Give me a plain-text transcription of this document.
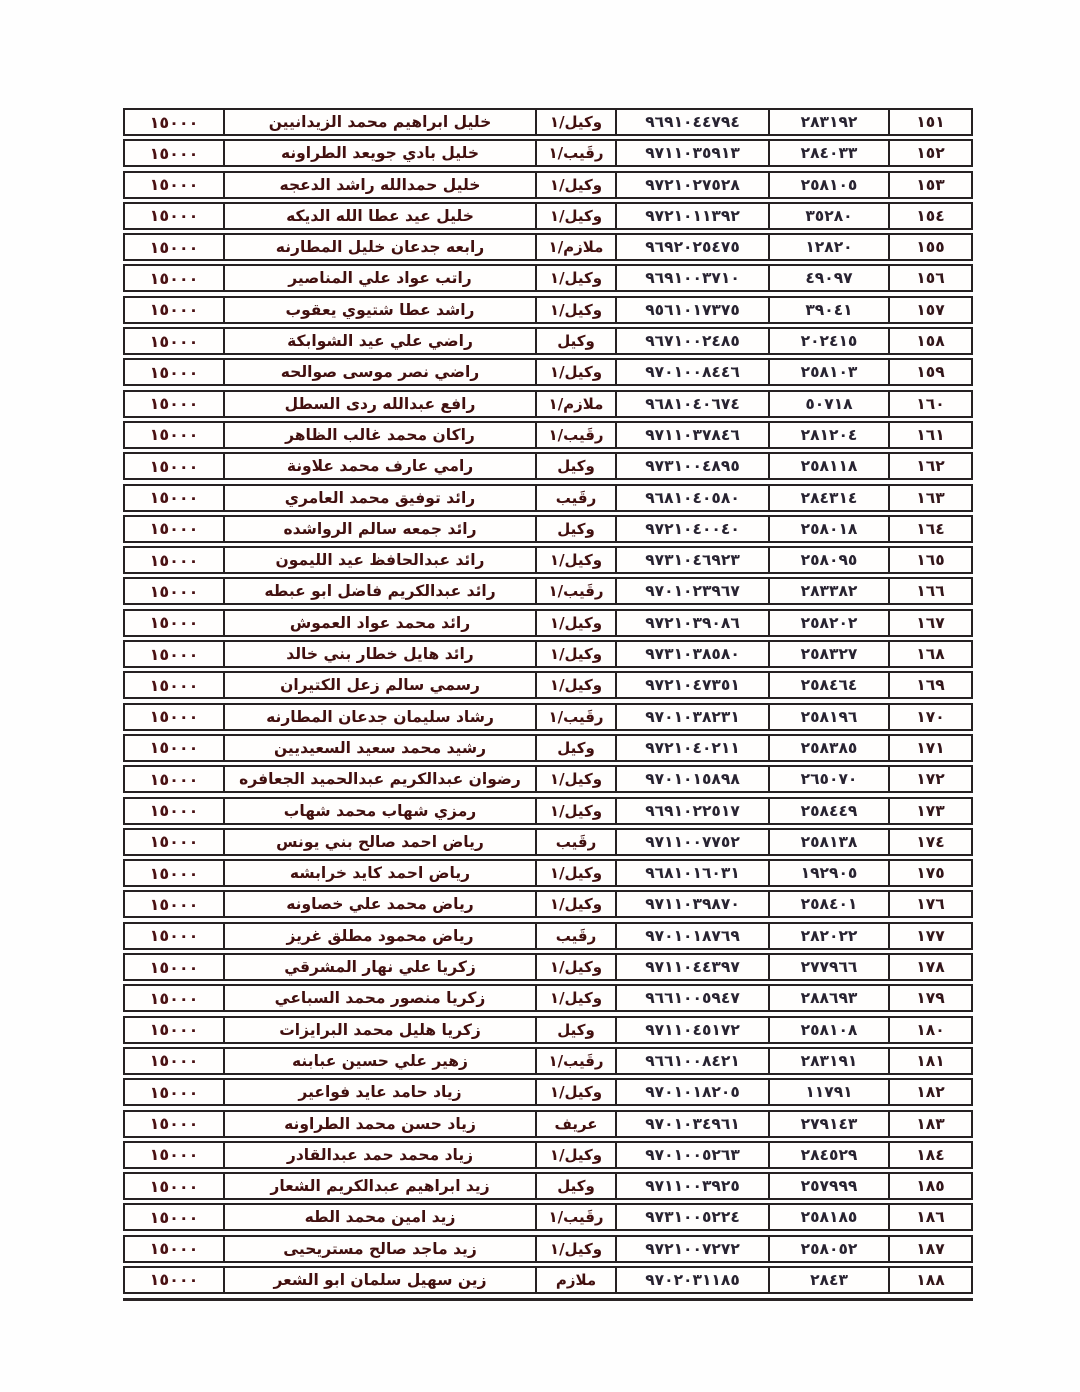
١٥٠٠٠	خليل ابراهيم محمد الزيدانيين	وكيل/١	٩٦٩١٠٤٤٧٩٤	٢٨٣١٩٢	١٥١
١٥٠٠٠	خليل بادي جويعد الطراونه	رقَيب/١	٩٧١١٠٣٥٩١٣	٢٨٤٠٣٣	١٥٢
١٥٠٠٠	خليل حمدالله راشد الدعجه	وكيل/١	٩٧٢١٠٢٧٥٢٨	٢٥٨١٠٥	١٥٣
١٥٠٠٠	خليل عيد عطا الله الديكه	وكيل/١	٩٧٢١٠١١٣٩٢	٣٥٢٨٠	١٥٤
١٥٠٠٠	رابعه جدعان خليل المطارنه	ملازم/١	٩٦٩٢٠٢٥٤٧٥	١٢٨٢٠	١٥٥
١٥٠٠٠	راتب عواد علي المناصير	وكيل/١	٩٦٩١٠٠٣٧١٠	٤٩٠٩٧	١٥٦
١٥٠٠٠	راشد عطا شتيوي يعقوب	وكيل/١	٩٥٦١٠١٧٣٧٥	٣٩٠٤١	١٥٧
١٥٠٠٠	راضي علي عيد الشوابكة	وكيل	٩٦٧١٠٠٢٤٨٥	٢٠٢٤١٥	١٥٨
١٥٠٠٠	راضي نصر موسى صوالحه	وكيل/١	٩٧٠١٠٠٨٤٤٦	٢٥٨١٠٣	١٥٩
١٥٠٠٠	رافع عبدالله ردى السطل	ملازم/١	٩٦٨١٠٤٠٦٧٤	٥٠٧١٨	١٦٠
١٥٠٠٠	راكان محمد غالب الظاهر	رقَيب/١	٩٧١١٠٣٧٨٤٦	٢٨١٢٠٤	١٦١
١٥٠٠٠	رامي عارف محمد علاونة	وكيل	٩٧٣١٠٠٤٨٩٥	٢٥٨١١٨	١٦٢
١٥٠٠٠	رائد توفيق محمد العامري	رقَيب	٩٦٨١٠٤٠٥٨٠	٢٨٤٣١٤	١٦٣
١٥٠٠٠	رائد جمعه سالم الرواشده	وكيل	٩٧٢١٠٤٠٠٤٠	٢٥٨٠١٨	١٦٤
١٥٠٠٠	رائد عبدالحافظ عيد الليمون	وكيل/١	٩٧٣١٠٤٦٩٢٣	٢٥٨٠٩٥	١٦٥
١٥٠٠٠	رائد عبدالكريم فاضل ابو عبطه	رقَيب/١	٩٧٠١٠٢٣٩٦٧	٢٨٣٣٨٢	١٦٦
١٥٠٠٠	رائد محمد عواد العموش	وكيل/١	٩٧٢١٠٣٩٠٨٦	٢٥٨٢٠٢	١٦٧
١٥٠٠٠	رائد هايل خطار بني خالد	وكيل/١	٩٧٣١٠٣٨٥٨٠	٢٥٨٣٢٧	١٦٨
١٥٠٠٠	رسمي سالم زعل الكتيران	وكيل/١	٩٧٢١٠٤٧٣٥١	٢٥٨٤٦٤	١٦٩
١٥٠٠٠	رشاد سليمان جدعان المطارنه	رقَيب/١	٩٧٠١٠٣٨٢٣١	٢٥٨١٩٦	١٧٠
١٥٠٠٠	رشيد محمد سعيد السعيديين	وكيل	٩٧٢١٠٤٠٢١١	٢٥٨٣٨٥	١٧١
١٥٠٠٠	رضوان عبدالكريم عبدالحميد الجعافره	وكيل/١	٩٧٠١٠١٥٨٩٨	٢٦٥٠٧٠	١٧٢
١٥٠٠٠	رمزي شهاب محمد شهاب	وكيل/١	٩٦٩١٠٢٢٥١٧	٢٥٨٤٤٩	١٧٣
١٥٠٠٠	رياض احمد صالح بني يونس	رقَيب	٩٧١١٠٠٧٧٥٢	٢٥٨١٣٨	١٧٤
١٥٠٠٠	رياض احمد كايد خرابشه	وكيل/١	٩٦٨١٠١٦٠٣١	١٩٢٩٠٥	١٧٥
١٥٠٠٠	رياض محمد علي خصاونه	وكيل/١	٩٧١١٠٣٩٨٧٠	٢٥٨٤٠١	١٧٦
١٥٠٠٠	رياض محمود مطلق غريز	رقَيب	٩٧٠١٠١٨٧٦٩	٢٨٢٠٢٢	١٧٧
١٥٠٠٠	زكريا علي نهار المشرقي	وكيل/١	٩٧١١٠٤٤٣٩٧	٢٧٧٩٦٦	١٧٨
١٥٠٠٠	زكريا منصور محمد السباعي	وكيل/١	٩٦٦١٠٠٥٩٤٧	٢٨٨٦٩٣	١٧٩
١٥٠٠٠	زكريا هليل محمد البرايزات	وكيل	٩٧١١٠٤٥١٧٢	٢٥٨١٠٨	١٨٠
١٥٠٠٠	زهير علي حسين عبابنه	رقَيب/١	٩٦٦١٠٠٨٤٢١	٢٨٣١٩١	١٨١
١٥٠٠٠	زياد حامد عايد فواعير	وكيل/١	٩٧٠١٠١٨٢٠٥	١١٧٩١	١٨٢
١٥٠٠٠	زياد حسن محمد الطراونه	عريف	٩٧٠١٠٣٤٩٦١	٢٧٩١٤٣	١٨٣
١٥٠٠٠	زياد محمد حمد عبدالقادر	وكيل/١	٩٧٠١٠٠٥٢٦٣	٢٨٤٥٢٩	١٨٤
١٥٠٠٠	زيد ابراهيم عبدالكريم الشعار	وكيل	٩٧١١٠٠٣٩٢٥	٢٥٧٩٩٩	١٨٥
١٥٠٠٠	زيد امين محمد الطه	رقَيب/١	٩٧٣١٠٠٥٢٢٤	٢٥٨١٨٥	١٨٦
١٥٠٠٠	زيد ماجد صالح مستريحيى	وكيل/١	٩٧٢١٠٠٧٢٧٢	٢٥٨٠٥٢	١٨٧
١٥٠٠٠	زين سهيل سلمان ابو الشعر	ملازم	٩٧٠٢٠٣١١٨٥	٢٨٤٣	١٨٨
